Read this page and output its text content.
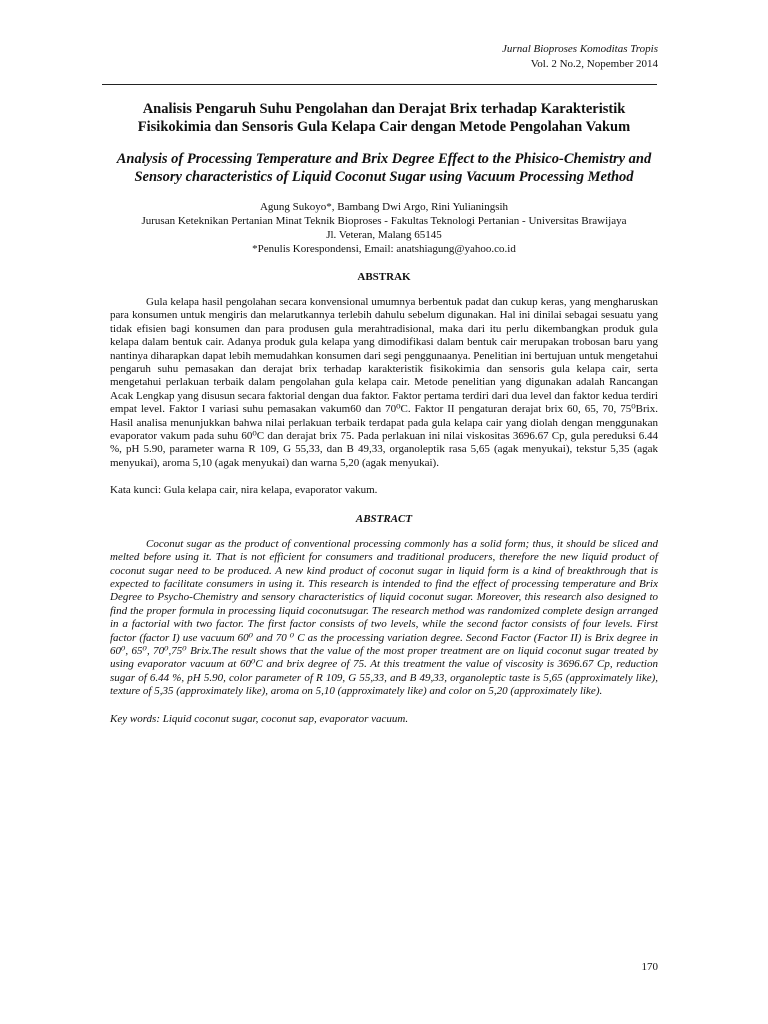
Jurnal Bioproses Komoditas Tropis
Vol. 2 No.2, Nopember 2014
Analisis Pengaruh Suhu Pengolahan dan Derajat Brix terhadap Karakteristik Fisikokimia dan Sensoris Gula Kelapa Cair dengan Metode Pengolahan Vakum
Analysis of Processing Temperature and Brix Degree Effect to the Phisico-Chemistry and Sensory characteristics of Liquid Coconut Sugar using Vacuum Processing Method
Agung Sukoyo*, Bambang Dwi Argo, Rini Yulianingsih
Jurusan Keteknikan Pertanian Minat Teknik Bioproses - Fakultas Teknologi Pertanian - Universitas Brawijaya
Jl. Veteran, Malang 65145
*Penulis Korespondensi, Email: anatshiagung@yahoo.co.id
ABSTRAK

Gula kelapa hasil pengolahan secara konvensional umumnya berbentuk padat dan cukup keras, yang mengharuskan para konsumen untuk mengiris dan melarutkannya terlebih dahulu sebelum digunakan. Hal ini dinilai sebagai sesuatu yang tidak efisien bagi konsumen dan para produsen gula merahtradisional, maka dari itu perlu dikembangkan produk gula kelapa dalam bentuk cair. Adanya produk gula kelapa yang dimodifikasi dalam bentuk cair merupakan trobosan baru yang nantinya diharapkan dapat lebih memudahkan konsumen dari segi penggunaanya. Penelitian ini bertujuan untuk mengetahui pengaruh suhu pemasakan dan derajat brix terhadap karakteristik fisikokimia dan sensoris gula kelapa cair, serta mengetahui perlakuan terbaik dalam pengolahan gula kelapa cair. Metode penelitian yang digunakan adalah Rancangan Acak Lengkap yang disusun secara faktorial dengan dua faktor. Faktor pertama terdiri dari dua level dan faktor kedua terdiri empat level. Faktor I variasi suhu pemasakan vakum60 dan 70⁰C. Faktor II pengaturan derajat brix 60, 65, 70, 75⁰Brix. Hasil analisa menunjukkan bahwa nilai perlakuan terbaik terdapat pada gula kelapa cair yang diolah dengan menggunakan evaporator vakum pada suhu 60⁰C dan derajat brix 75. Pada perlakuan ini nilai viskositas 3696.67 Cp, gula pereduksi 6.44 %, pH 5.90, parameter warna R 109, G 55,33, dan B 49,33, organoleptik rasa 5,65 (agak menyukai), tekstur 5,35 (agak menyukai), aroma 5,10 (agak menyukai) dan warna 5,20 (agak menyukai).

Kata kunci: Gula kelapa cair, nira kelapa, evaporator vakum.

ABSTRACT

Coconut sugar as the product of conventional processing commonly has a solid form; thus, it should be sliced and melted before using it. That is not efficient for consumers and traditional producers, therefore the new liquid product of coconut sugar need to be produced. A new kind product of coconut sugar in liquid form is a kind of breakthrough that is expected to facilitate consumers in using it. This research is intended to find the effect of processing temperature and Brix Degree to Psycho-Chemistry and sensory characteristics of liquid coconut sugar. Moreover, this research also designed to find the proper formula in processing liquid coconutsugar. The research method was randomized complete design arranged in a factorial with two factor. The first factor consists of two levels, while the second factor consists of four levels. First factor (factor I) use vacuum 60⁰ and 70 ⁰ C as the processing variation degree. Second Factor (Factor II) is Brix degree in 60⁰, 65⁰, 70⁰,75⁰ Brix.The result shows that the value of the most proper treatment are on liquid coconut sugar treated by using evaporator vacuum at 60⁰C and brix degree of 75. At this treatment the value of viscosity is 3696.67 Cp, reduction sugar of 6.44 %, pH 5.90, color parameter of R 109, G 55,33, and B 49,33, organoleptic taste is 5,65 (approximately like), texture of 5,35 (approximately like), aroma on 5,10 (approximately like) and color on 5,20 (approximately like).

Key words: Liquid coconut sugar, coconut sap, evaporator vacuum.

170
